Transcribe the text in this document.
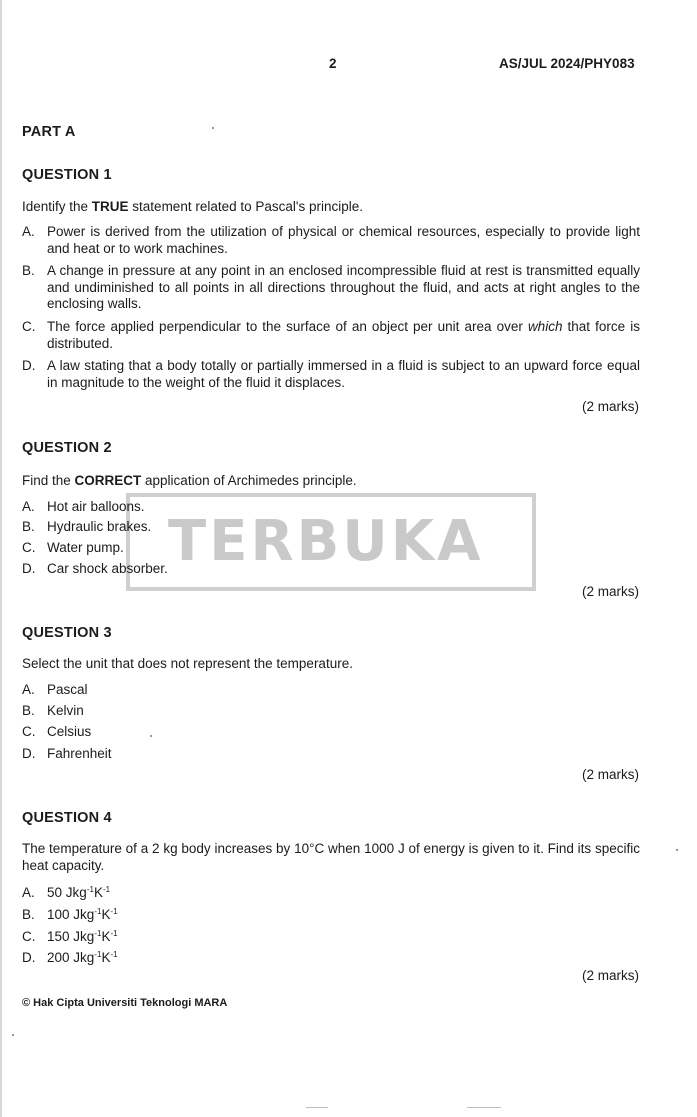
2	AS/JUL 2024/PHY083
PART A
QUESTION 1
Identify the TRUE statement related to Pascal's principle.
A. Power is derived from the utilization of physical or chemical resources, especially to provide light and heat or to work machines.
B. A change in pressure at any point in an enclosed incompressible fluid at rest is transmitted equally and undiminished to all points in all directions throughout the fluid, and acts at right angles to the enclosing walls.
C. The force applied perpendicular to the surface of an object per unit area over which that force is distributed.
D. A law stating that a body totally or partially immersed in a fluid is subject to an upward force equal in magnitude to the weight of the fluid it displaces.
(2 marks)
QUESTION 2
Find the CORRECT application of Archimedes principle.
TERBUKA
A. Hot air balloons.
B. Hydraulic brakes.
C. Water pump.
D. Car shock absorber.
(2 marks)
QUESTION 3
Select the unit that does not represent the temperature.
A. Pascal
B. Kelvin
C. Celsius
D. Fahrenheit
(2 marks)
QUESTION 4
The temperature of a 2 kg body increases by 10°C when 1000 J of energy is given to it. Find its specific heat capacity.
A. 50 $Jkg^{-1}K^{-1}$
B. 100 $Jkg^{-1}K^{-1}$
C. 150 $Jkg^{-1}K^{-1}$
D. 200 $Jkg^{-1}K^{-1}$
(2 marks)
© Hak Cipta Universiti Teknologi MARA
